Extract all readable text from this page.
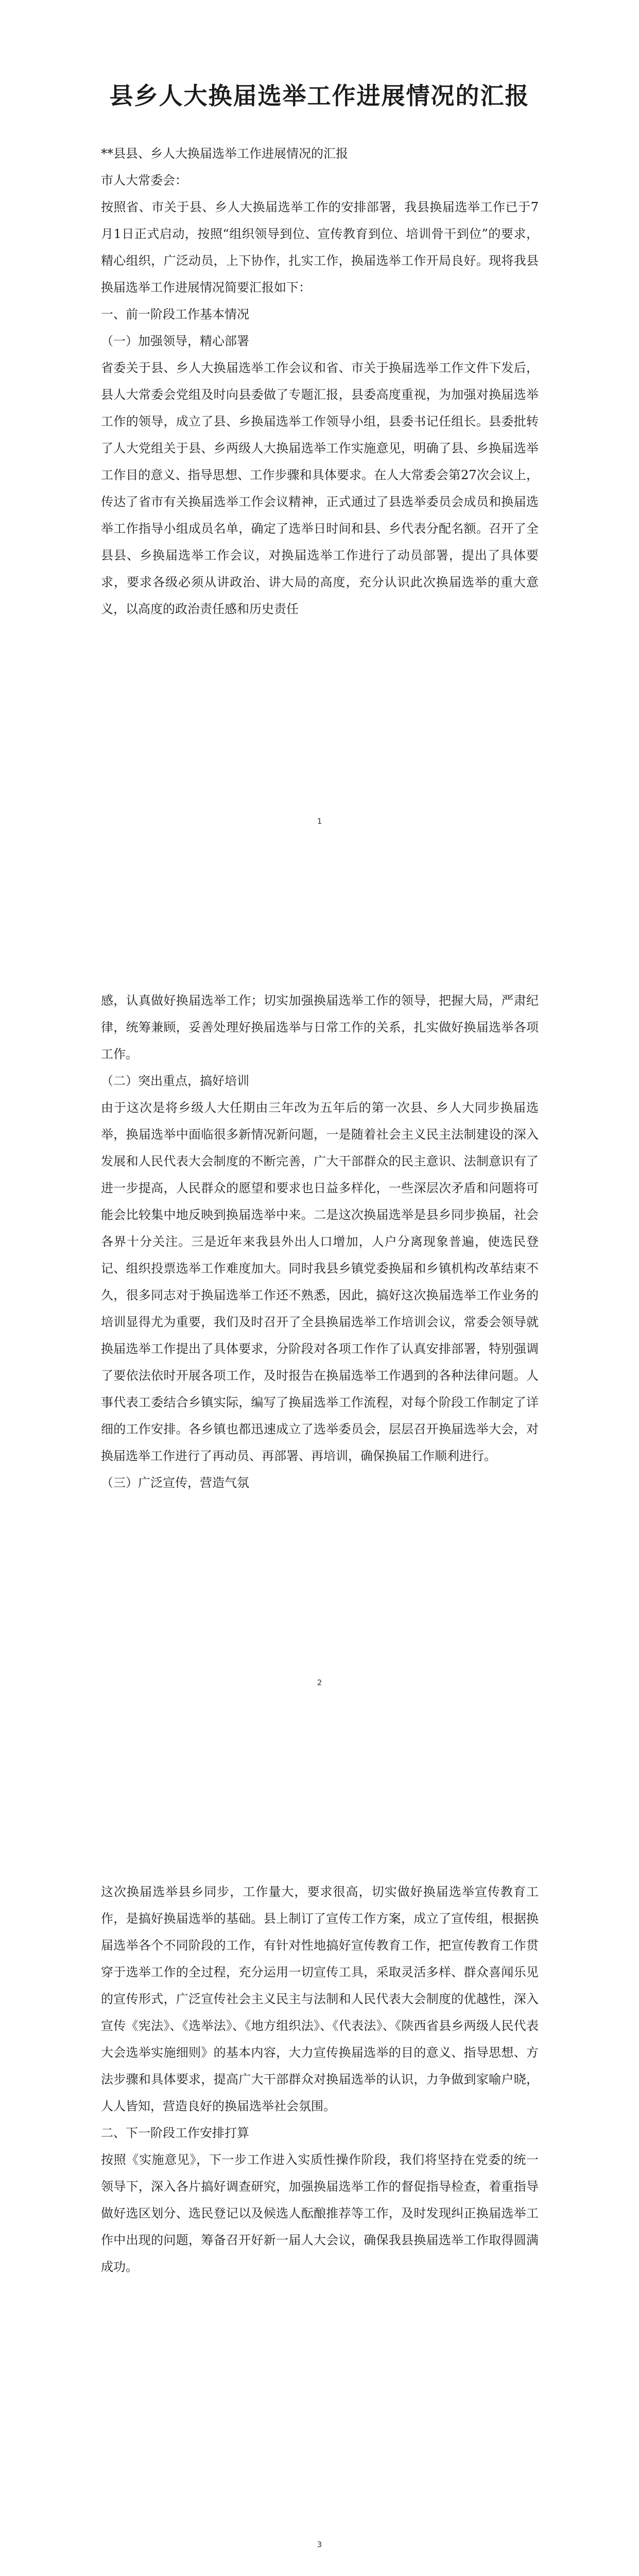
县乡人大换届选举工作进展情况的汇报

**县县、乡人大换届选举工作进展情况的汇报

市人大常委会：

按照省、市关于县、乡人大换届选举工作的安排部署，我县换届选举工作已于7月1日正式启动，按照“组织领导到位、宣传教育到位、培训骨干到位”的要求，精心组织，广泛动员，上下协作，扎实工作，换届选举工作开局良好。现将我县换届选举工作进展情况简要汇报如下：

一、前一阶段工作基本情况

（一）加强领导，精心部署

省委关于县、乡人大换届选举工作会议和省、市关于换届选举工作文件下发后，县人大常委会党组及时向县委做了专题汇报，县委高度重视，为加强对换届选举工作的领导，成立了县、乡换届选举工作领导小组，县委书记任组长。县委批转了人大党组关于县、乡两级人大换届选举工作实施意见，明确了县、乡换届选举工作目的意义、指导思想、工作步骤和具体要求。在人大常委会第27次会议上，传达了省市有关换届选举工作会议精神，正式通过了县选举委员会成员和换届选举工作指导小组成员名单，确定了选举日时间和县、乡代表分配名额。召开了全县县、乡换届选举工作会议，对换届选举工作进行了动员部署，提出了具体要求，要求各级必须从讲政治、讲大局的高度，充分认识此次换届选举的重大意义，以高度的政治责任感和历史责任

1

感，认真做好换届选举工作；切实加强换届选举工作的领导，把握大局，严肃纪律，统筹兼顾，妥善处理好换届选举与日常工作的关系，扎实做好换届选举各项工作。

（二）突出重点，搞好培训

由于这次是将乡级人大任期由三年改为五年后的第一次县、乡人大同步换届选举，换届选举中面临很多新情况新问题，一是随着社会主义民主法制建设的深入发展和人民代表大会制度的不断完善，广大干部群众的民主意识、法制意识有了进一步提高，人民群众的愿望和要求也日益多样化，一些深层次矛盾和问题将可能会比较集中地反映到换届选举中来。二是这次换届选举是县乡同步换届，社会各界十分关注。三是近年来我县外出人口增加，人户分离现象普遍，使选民登记、组织投票选举工作难度加大。同时我县乡镇党委换届和乡镇机构改革结束不久，很多同志对于换届选举工作还不熟悉，因此，搞好这次换届选举工作业务的培训显得尤为重要，我们及时召开了全县换届选举工作培训会议，常委会领导就换届选举工作提出了具体要求，分阶段对各项工作作了认真安排部署，特别强调了要依法依时开展各项工作，及时报告在换届选举工作遇到的各种法律问题。人事代表工委结合乡镇实际，编写了换届选举工作流程，对每个阶段工作制定了详细的工作安排。各乡镇也都迅速成立了选举委员会，层层召开换届选举大会，对换届选举工作进行了再动员、再部署、再培训，确保换届工作顺利进行。

（三）广泛宣传，营造气氛

2

这次换届选举县乡同步，工作量大，要求很高，切实做好换届选举宣传教育工作，是搞好换届选举的基础。县上制订了宣传工作方案，成立了宣传组，根据换届选举各个不同阶段的工作，有针对性地搞好宣传教育工作，把宣传教育工作贯穿于选举工作的全过程，充分运用一切宣传工具，采取灵活多样、群众喜闻乐见的宣传形式，广泛宣传社会主义民主与法制和人民代表大会制度的优越性，深入宣传《宪法》、《选举法》、《地方组织法》、《代表法》、《陕西省县乡两级人民代表大会选举实施细则》的基本内容，大力宣传换届选举的目的意义、指导思想、方法步骤和具体要求，提高广大干部群众对换届选举的认识，力争做到家喻户晓，人人皆知，营造良好的换届选举社会氛围。

二、下一阶段工作安排打算

按照《实施意见》，下一步工作进入实质性操作阶段，我们将坚持在党委的统一领导下，深入各片搞好调查研究，加强换届选举工作的督促指导检查，着重指导做好选区划分、选民登记以及候选人酝酿推荐等工作，及时发现纠正换届选举工作中出现的问题，筹备召开好新一届人大会议，确保我县换届选举工作取得圆满成功。

3
